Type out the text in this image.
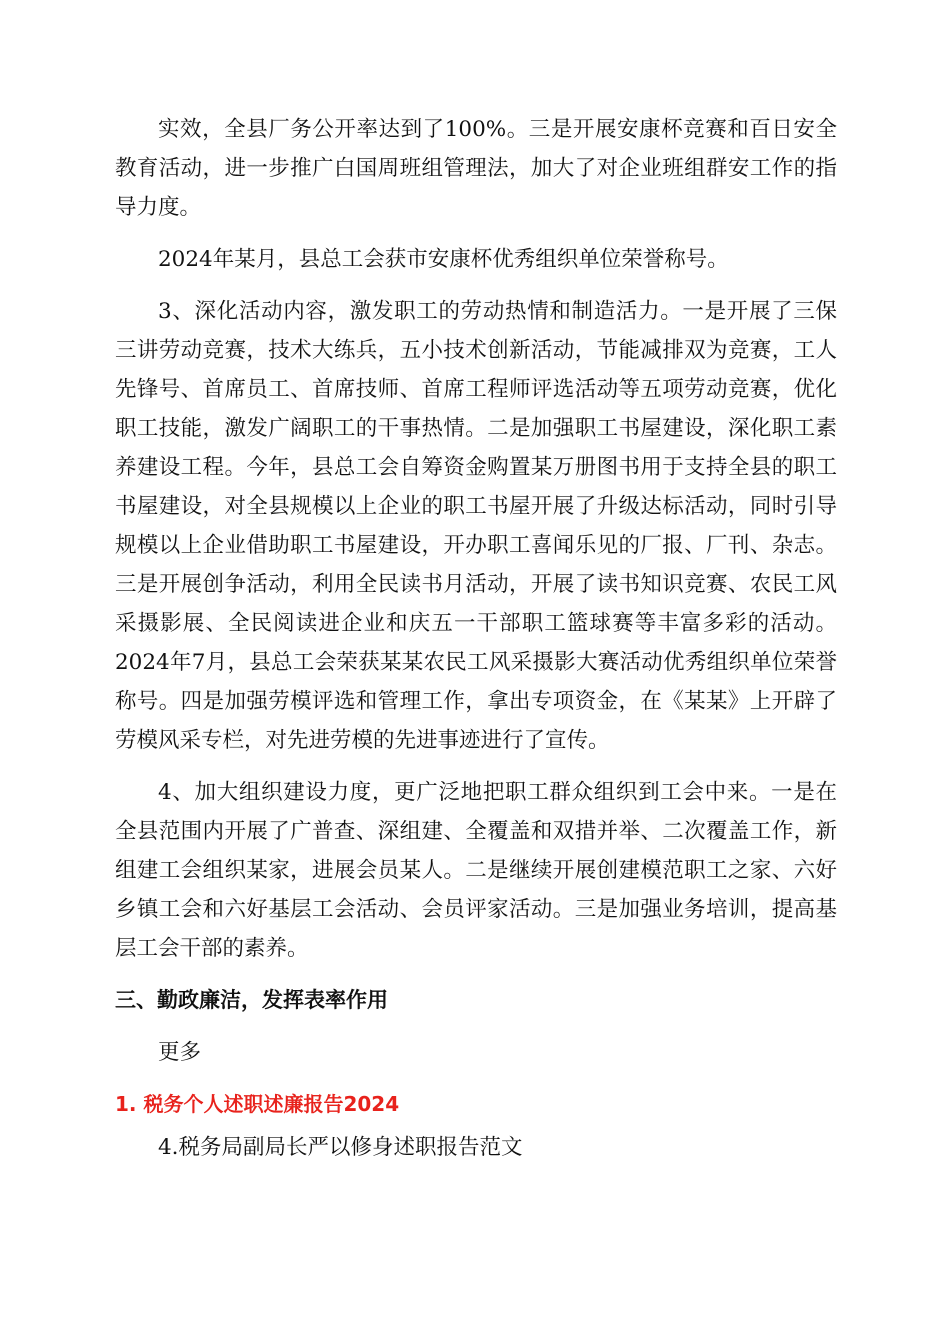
实效，全县厂务公开率达到了100%。三是开展安康杯竞赛和百日安全教育活动，进一步推广白国周班组管理法，加大了对企业班组群安工作的指导力度。

2024年某月，县总工会获市安康杯优秀组织单位荣誉称号。

3、深化活动内容，激发职工的劳动热情和制造活力。一是开展了三保三讲劳动竞赛，技术大练兵，五小技术创新活动，节能减排双为竞赛，工人先锋号、首席员工、首席技师、首席工程师评选活动等五项劳动竞赛，优化职工技能，激发广阔职工的干事热情。二是加强职工书屋建设，深化职工素养建设工程。今年，县总工会自筹资金购置某万册图书用于支持全县的职工书屋建设，对全县规模以上企业的职工书屋开展了升级达标活动，同时引导规模以上企业借助职工书屋建设，开办职工喜闻乐见的厂报、厂刊、杂志。三是开展创争活动，利用全民读书月活动，开展了读书知识竞赛、农民工风采摄影展、全民阅读进企业和庆五一干部职工篮球赛等丰富多彩的活动。2024年7月，县总工会荣获某某农民工风采摄影大赛活动优秀组织单位荣誉称号。四是加强劳模评选和管理工作，拿出专项资金，在《某某》上开辟了劳模风采专栏，对先进劳模的先进事迹进行了宣传。

4、加大组织建设力度，更广泛地把职工群众组织到工会中来。一是在全县范围内开展了广普查、深组建、全覆盖和双措并举、二次覆盖工作，新组建工会组织某家，进展会员某人。二是继续开展创建模范职工之家、六好乡镇工会和六好基层工会活动、会员评家活动。三是加强业务培训，提高基层工会干部的素养。

三、勤政廉洁，发挥表率作用
更多
1. 税务个人述职述廉报告2024
4.税务局副局长严以修身述职报告范文
